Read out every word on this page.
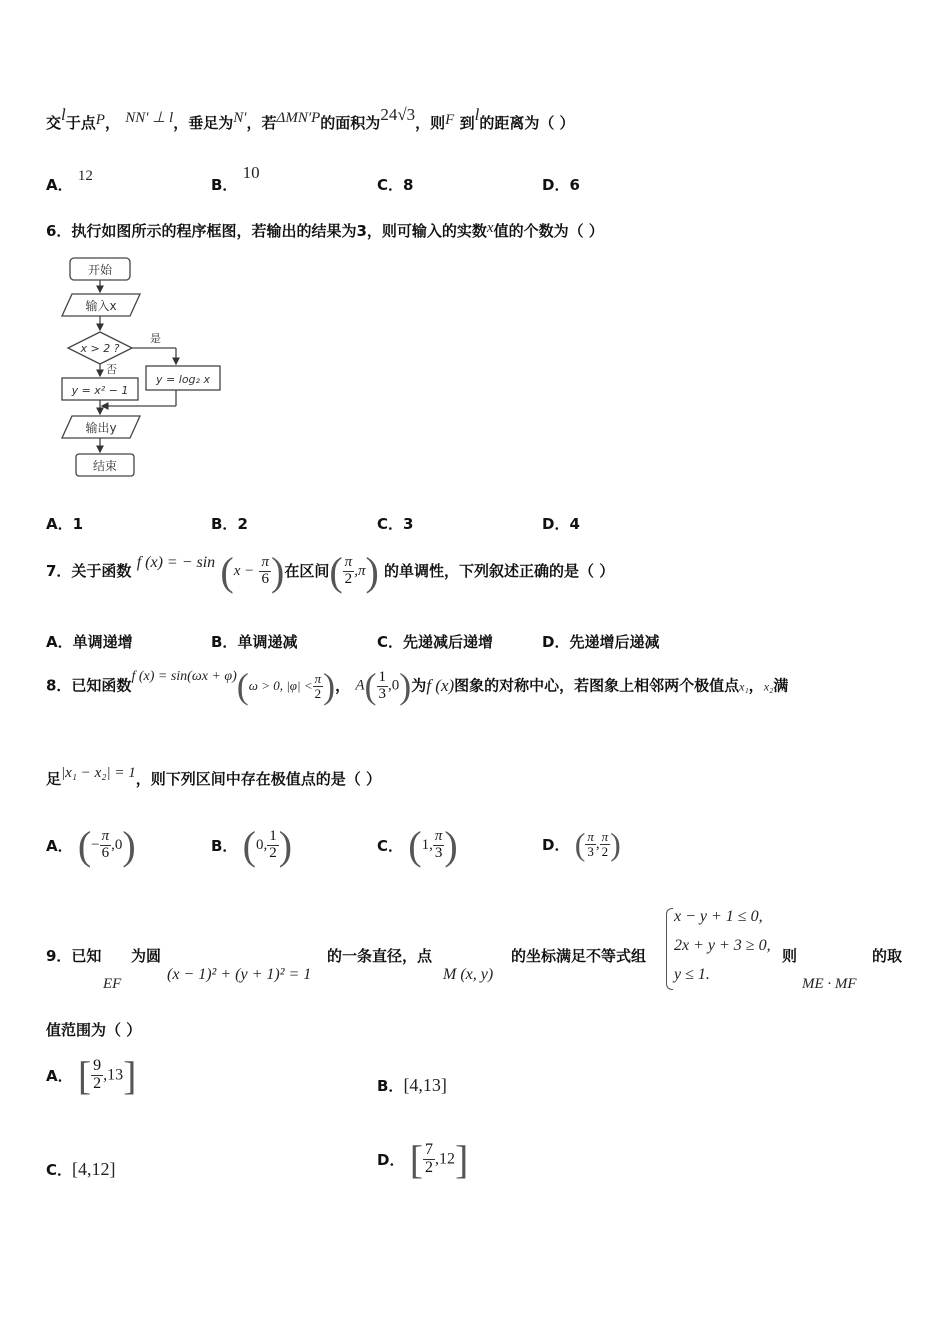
交l于点P， NN′ ⊥ l，垂足为N′，若ΔMN′P的面积为24√3，则F 到l的距离为（ ）
A． 12	B． 10
C．8	D．6
6．执行如图所示的程序框图，若输出的结果为3，则可输入的实数x值的个数为（ ）
开始
输入x
x > 2 ?
是
否
y = x² − 1
y = log₂ x
输出y
结束
A．1	B．2	C．3	D．4
7．关于函数 f (x) = − $\sin (x - \frac{\pi}{6}$ )在区间( $\frac{\pi}{2} ,\pi$) 的单调性，下列叙述正确的是（ ）
A．单调递增	B．单调递减	C．先递减后递增	D．先递增后递减
8．已知函数f (x) = sin(ωx + φ)(ω > 0, $|\varphi| < \frac{\pi}{2}$ )， $A( \frac{1}{3} ,0)$为f (x)图象的对称中心，若图象上相邻两个极值点x₁，x₂满
足|x₁ − x₂| = 1，则下列区间中存在极值点的是（ ）
A． (− $\frac{\pi}{6} ,0$)	B． (0, $\frac{1}{2}$ )	C． (1, $\frac{\pi}{3}$ )	D． ( $\frac{\pi}{3}$ , $\frac{\pi}{2}$ )
9．已知
EF
为圆
(x − 1)² + (y + 1)² = 1
的一条直径，点
M (x, y)
的坐标满足不等式组
x − y + 1 ≤ 0,
2x + y + 3 ≥ 0,
y ≤ 1.
则
ME · MF
的取
值范围为（ ）
A． [ $\frac{9}{2} ,13$]	B．[4,13]
C．[4,12]	D． [ $\frac{7}{2} ,12$]
